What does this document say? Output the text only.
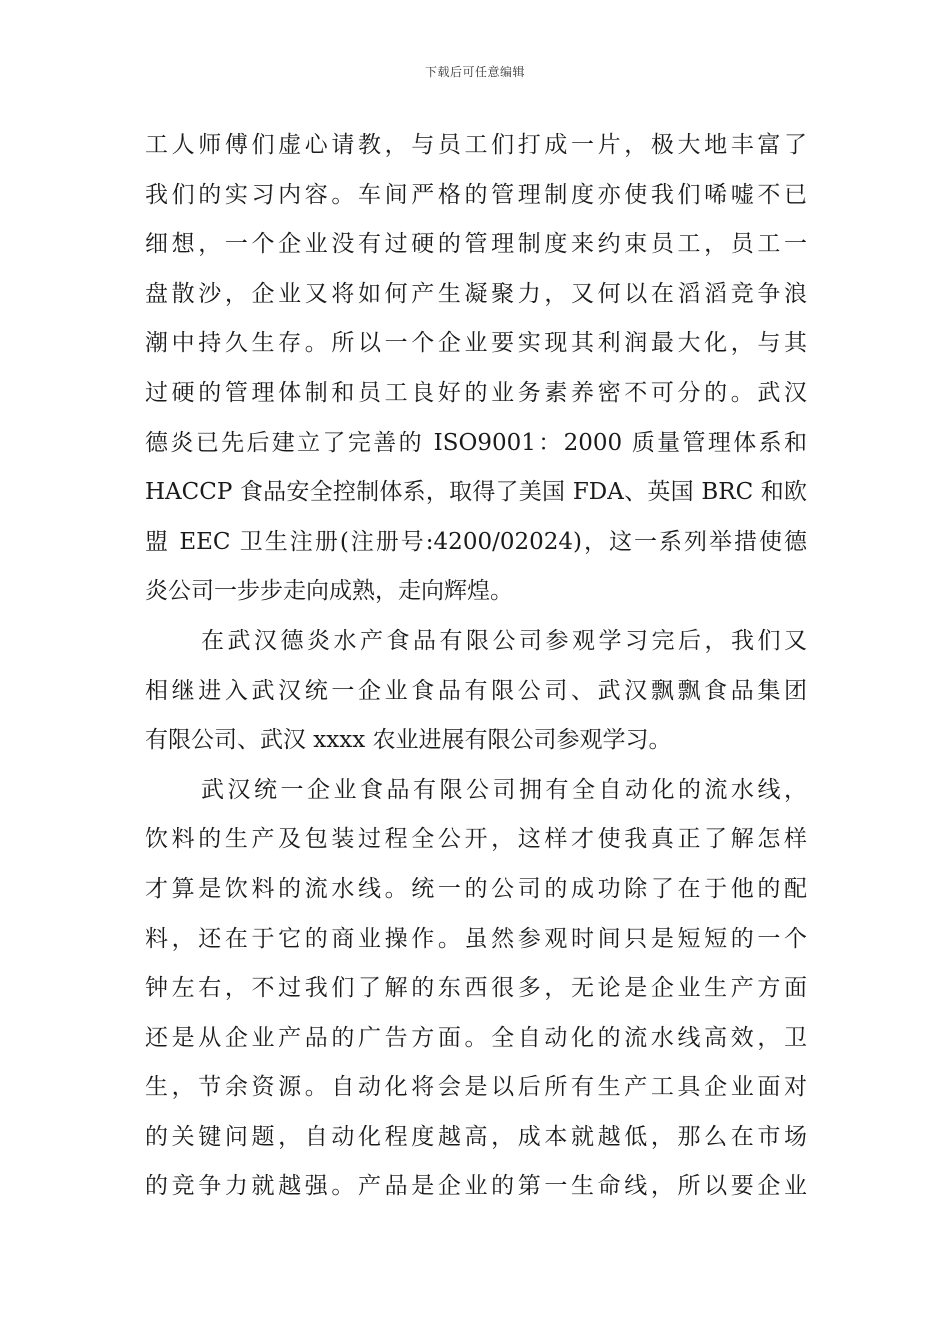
下载后可任意编辑
工人师傅们虚心请教，与员工们打成一片，极大地丰富了
我们的实习内容。车间严格的管理制度亦使我们唏嘘不已
细想，一个企业没有过硬的管理制度来约束员工，员工一
盘散沙，企业又将如何产生凝聚力，又何以在滔滔竞争浪
潮中持久生存。所以一个企业要实现其利润最大化，与其
过硬的管理体制和员工良好的业务素养密不可分的。武汉
德炎已先后建立了完善的 ISO9001：2000 质量管理体系和
HACCP 食品安全控制体系，取得了美国 FDA、英国 BRC 和欧
盟 EEC 卫生注册(注册号:4200/02024)，这一系列举措使德
炎公司一步步走向成熟，走向辉煌。
在武汉德炎水产食品有限公司参观学习完后，我们又
相继进入武汉统一企业食品有限公司、武汉飘飘食品集团
有限公司、武汉 xxxx 农业进展有限公司参观学习。
武汉统一企业食品有限公司拥有全自动化的流水线，
饮料的生产及包装过程全公开，这样才使我真正了解怎样
才算是饮料的流水线。统一的公司的成功除了在于他的配
料，还在于它的商业操作。虽然参观时间只是短短的一个
钟左右，不过我们了解的东西很多，无论是企业生产方面
还是从企业产品的广告方面。全自动化的流水线高效，卫
生，节余资源。自动化将会是以后所有生产工具企业面对
的关键问题，自动化程度越高，成本就越低，那么在市场
的竞争力就越强。产品是企业的第一生命线，所以要企业
